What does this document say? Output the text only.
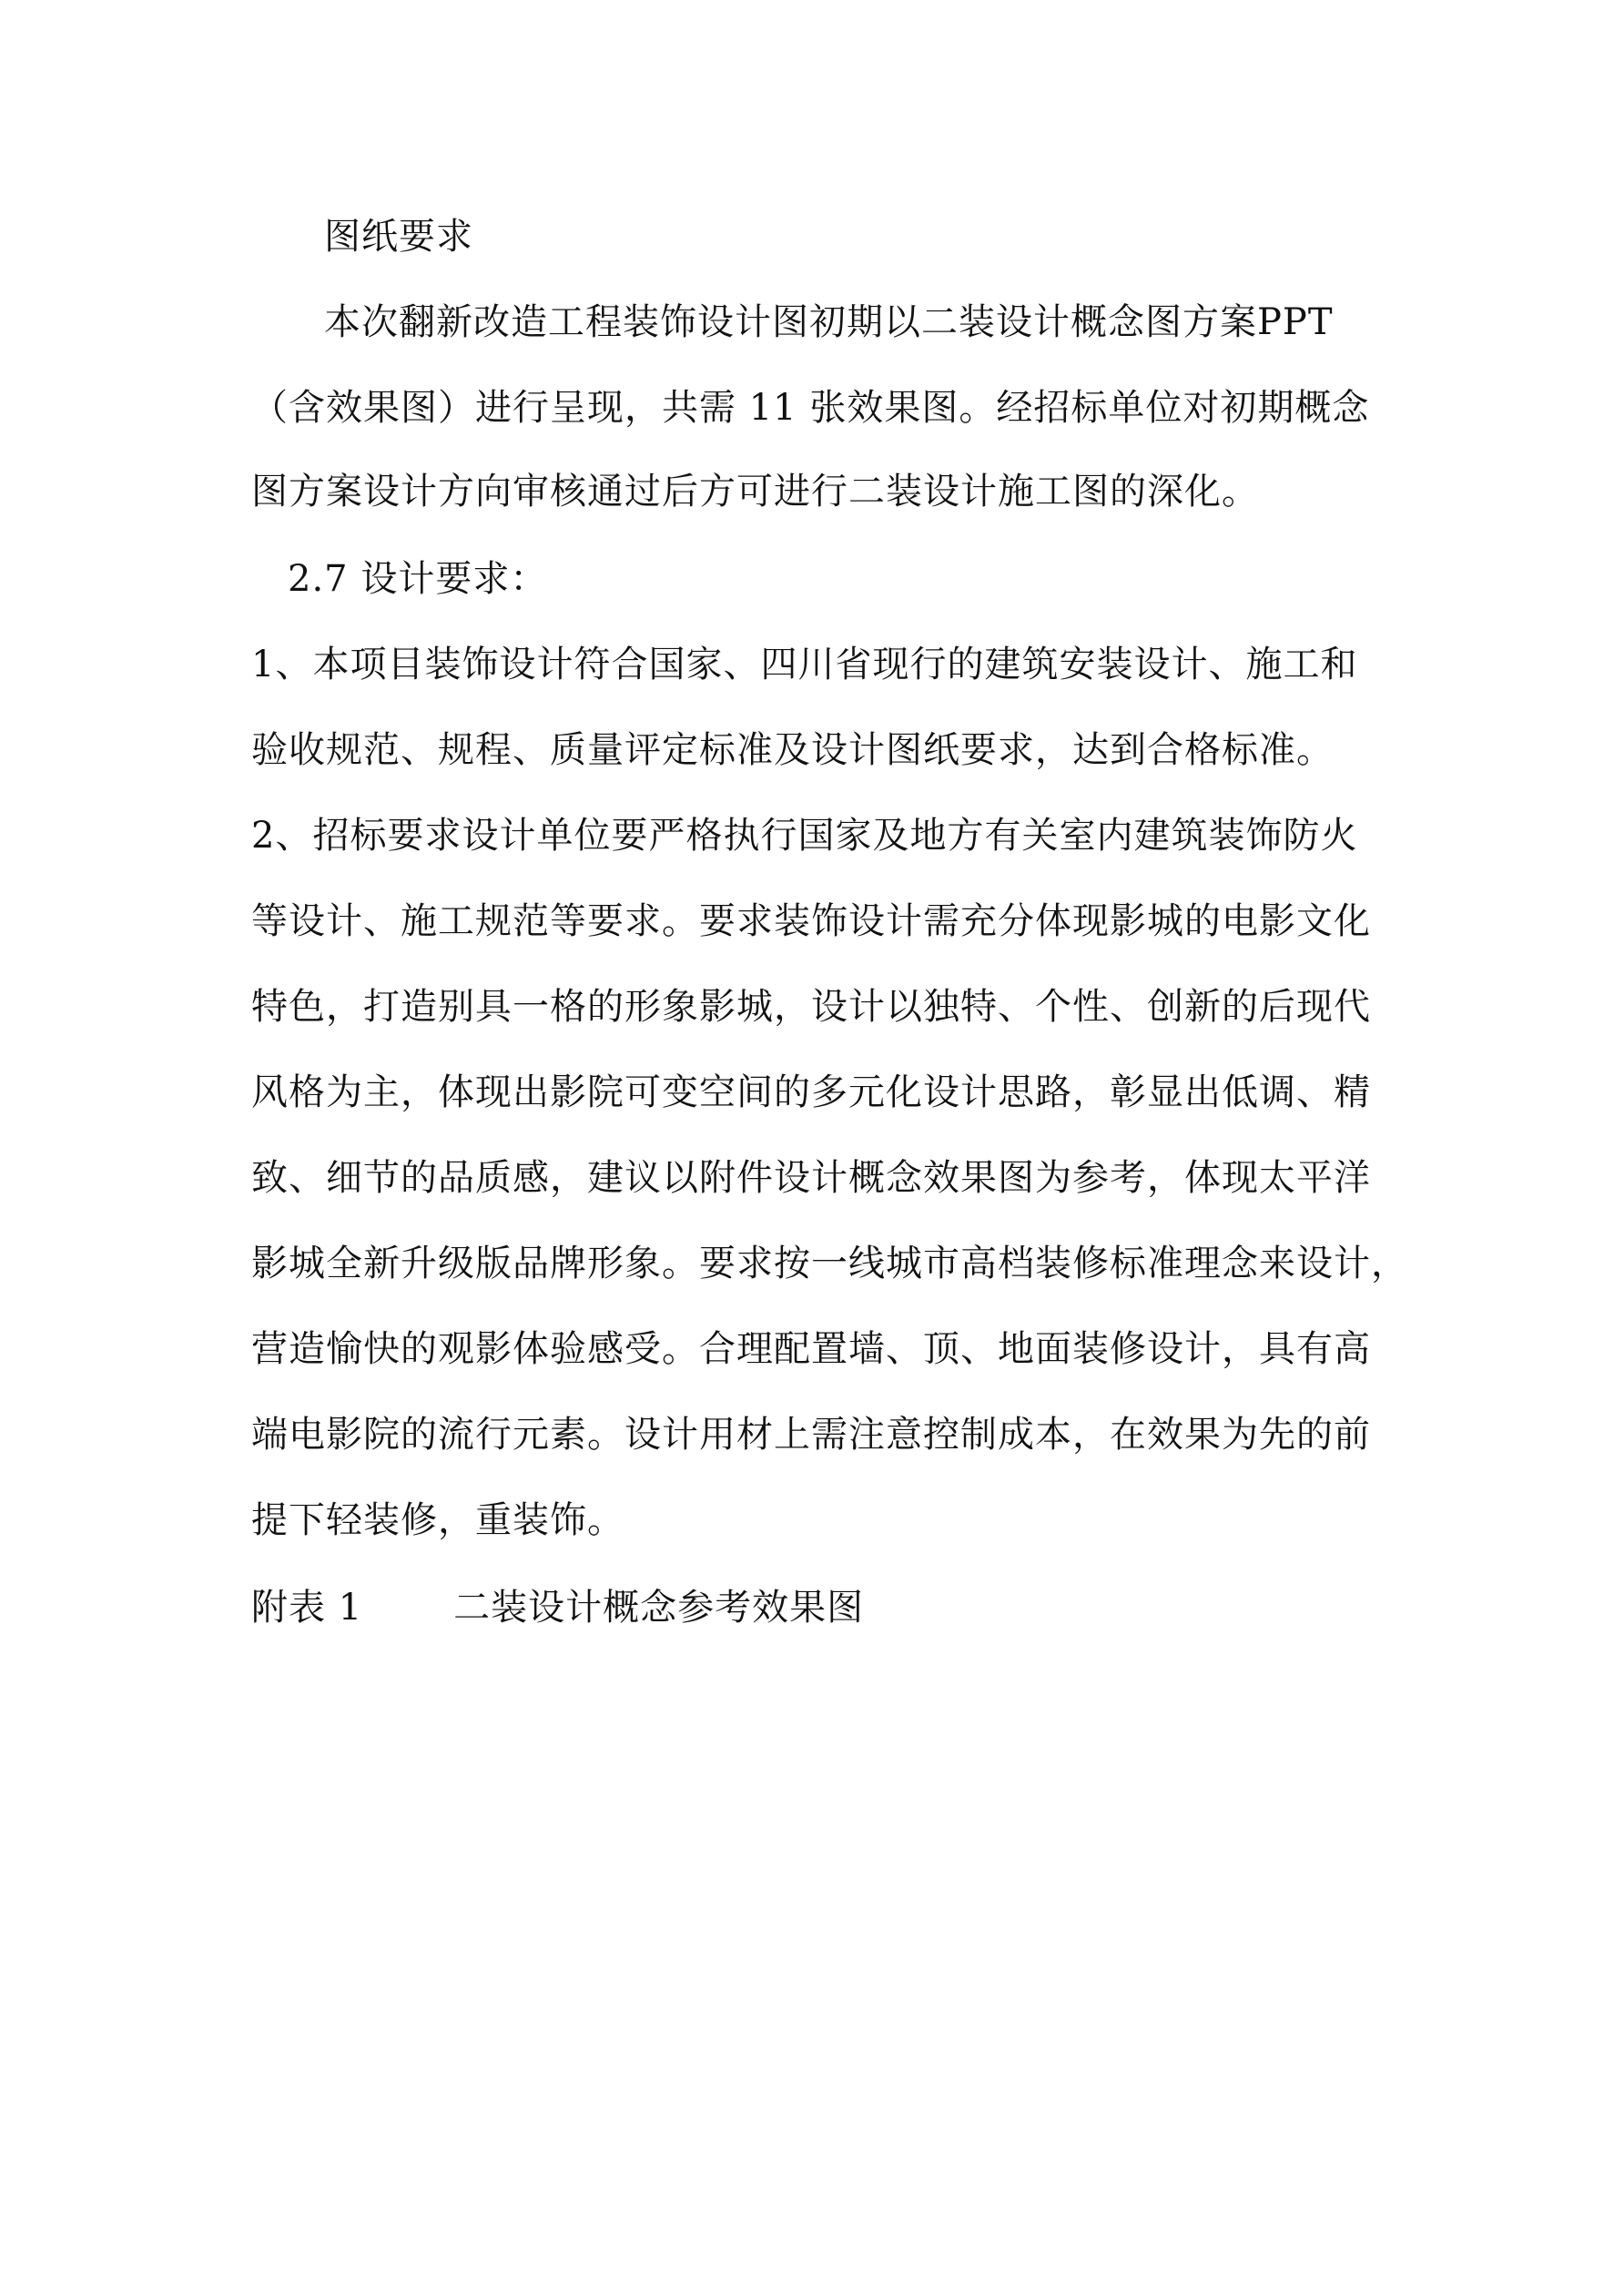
图纸要求
本次翻新改造工程装饰设计图初期以二装设计概念图方案PPT
（含效果图）进行呈现，共需 11 张效果图。经招标单位对初期概念
图方案设计方向审核通过后方可进行二装设计施工图的深化。
2.7 设计要求：
1、本项目装饰设计符合国家、四川省现行的建筑安装设计、施工和
验收规范、规程、质量评定标准及设计图纸要求，达到合格标准。
2、招标要求设计单位要严格执行国家及地方有关室内建筑装饰防火
等设计、施工规范等要求。要求装饰设计需充分体现影城的电影文化
特色，打造别具一格的形象影城，设计以独特、个性、创新的后现代
风格为主，体现出影院可变空间的多元化设计思路，彰显出低调、精
致、细节的品质感，建议以附件设计概念效果图为参考，体现太平洋
影城全新升级版品牌形象。要求按一线城市高档装修标准理念来设计，
营造愉快的观影体验感受。合理配置墙、顶、地面装修设计，具有高
端电影院的流行元素。设计用材上需注意控制成本，在效果为先的前
提下轻装修，重装饰。
附表 1	二装设计概念参考效果图
